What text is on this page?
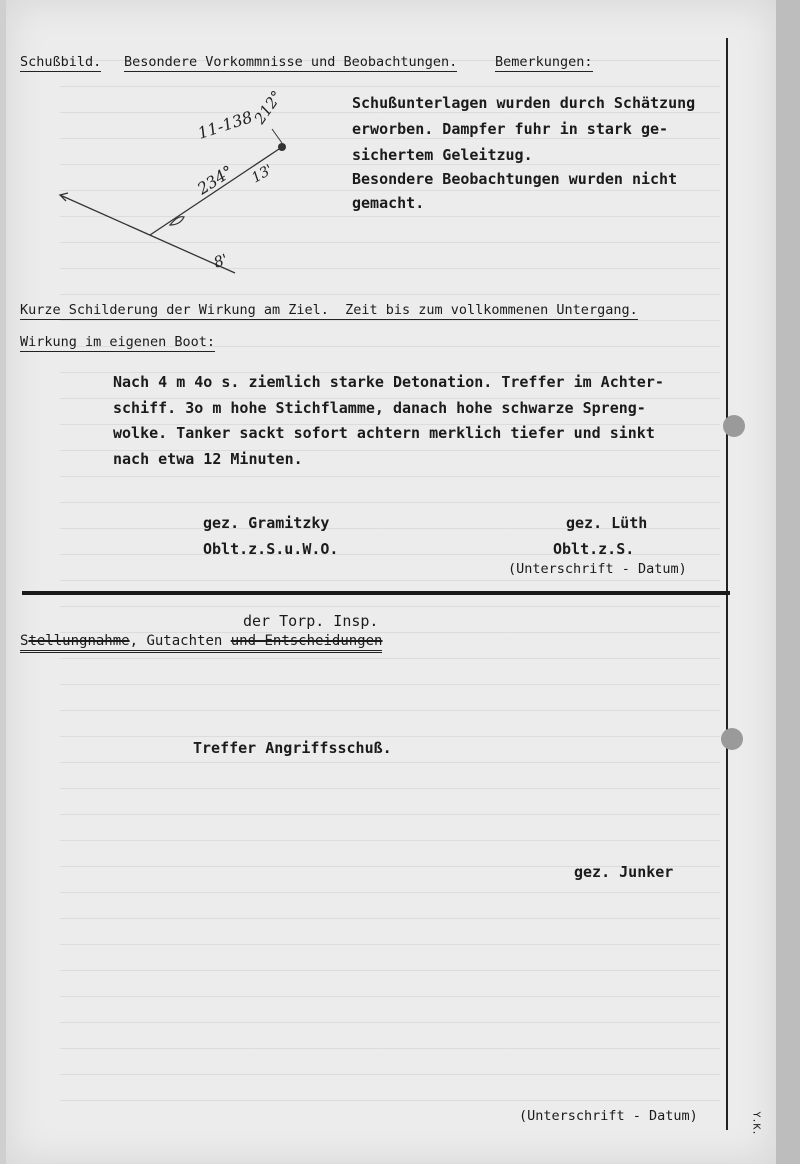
Schußbild. Besondere Vorkommnisse und Beobachtungen.	Bemerkungen:
11-138
212°
234° 13'
8'
Schußunterlagen wurden durch Schätzung
erworben. Dampfer fuhr in stark ge-
sichertem Geleitzug.
Besondere Beobachtungen wurden nicht
gemacht.
Kurze Schilderung der Wirkung am Ziel.  Zeit bis zum vollkommenen Untergang.
Wirkung im eigenen Boot:

Nach 4 m 4o s. ziemlich starke Detonation. Treffer im Achter-

schiff. 3o m hohe Stichflamme, danach hohe schwarze Spreng-

wolke. Tanker sackt sofort achtern merklich tiefer und sinkt

nach etwa 12 Minuten.

gez. Gramitzky
Oblt.z.S.u.W.O.
gez. Lüth
Oblt.z.S.
(Unterschrift - Datum)
der Torp. Insp.
Stellungnahme, Gutachten und Entscheidungen
Treffer Angriffsschuß.
gez. Junker
(Unterschrift - Datum)	Y.K.
